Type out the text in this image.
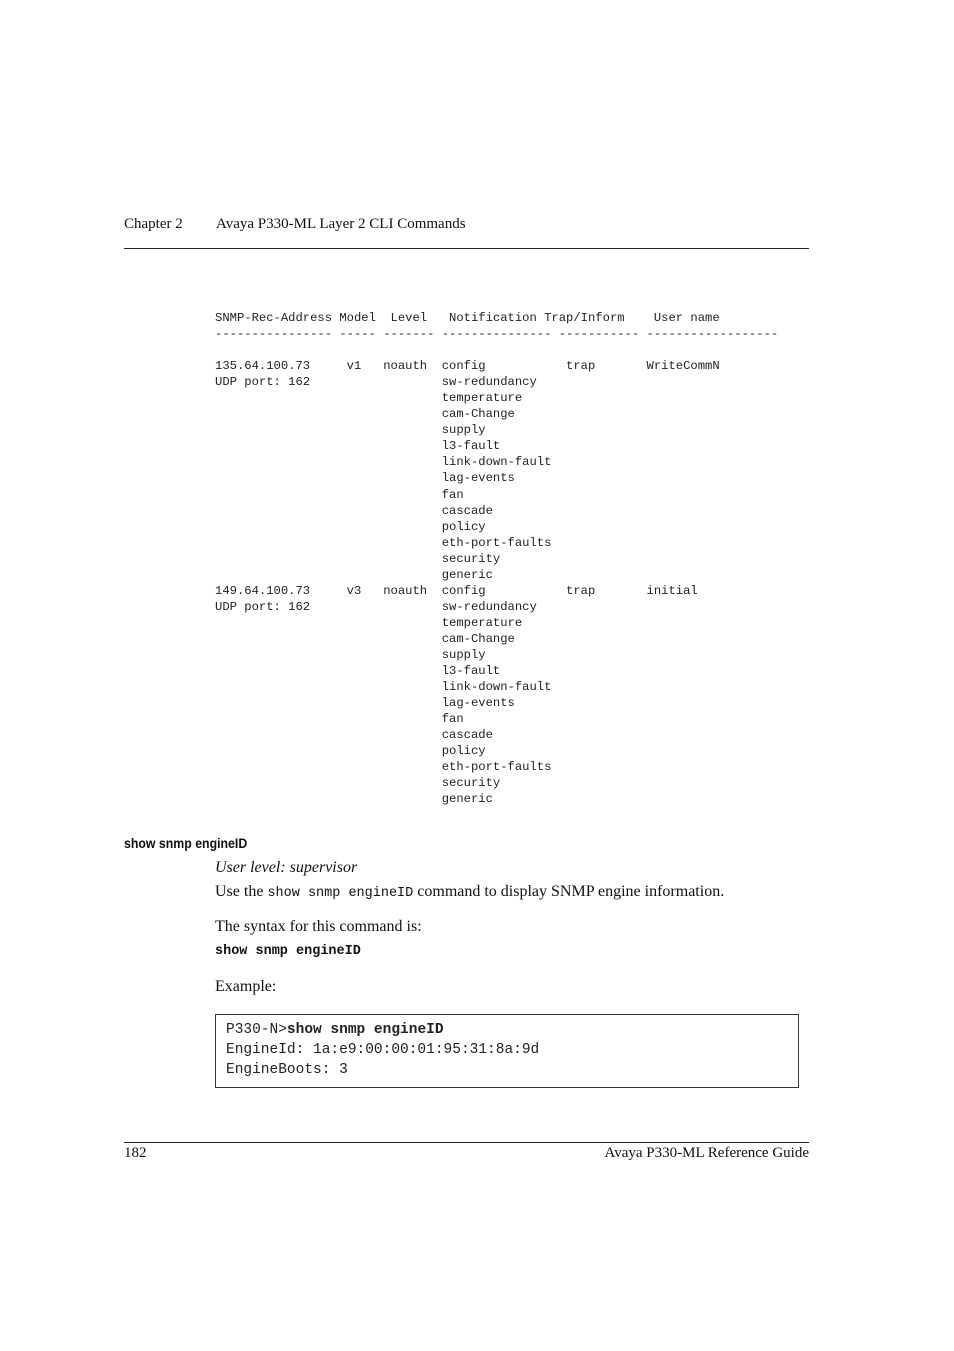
Chapter 2 Avaya P330-ML Layer 2 CLI Commands
SNMP-Rec-Address Model  Level   Notification Trap/Inform    User name
---------------- ----- ------- --------------- ----------- ------------------

135.64.100.73     v1   noauth  config           trap       WriteCommN
UDP port: 162                  sw-redundancy
temperature
cam-Change
supply
l3-fault
link-down-fault
lag-events
fan
cascade
policy
eth-port-faults
security
generic
149.64.100.73     v3   noauth  config           trap       initial
UDP port: 162                  sw-redundancy
temperature
cam-Change
supply
l3-fault
link-down-fault
lag-events
fan
cascade
policy
eth-port-faults
security
generic

show snmp engineID
User level: supervisor
Use the show snmp engineID command to display SNMP engine information.
The syntax for this command is:
show snmp engineID
Example:
P330-N>show snmp engineID
EngineId: 1a:e9:00:00:01:95:31:8a:9d
EngineBoots: 3
182	Avaya P330-ML Reference Guide
